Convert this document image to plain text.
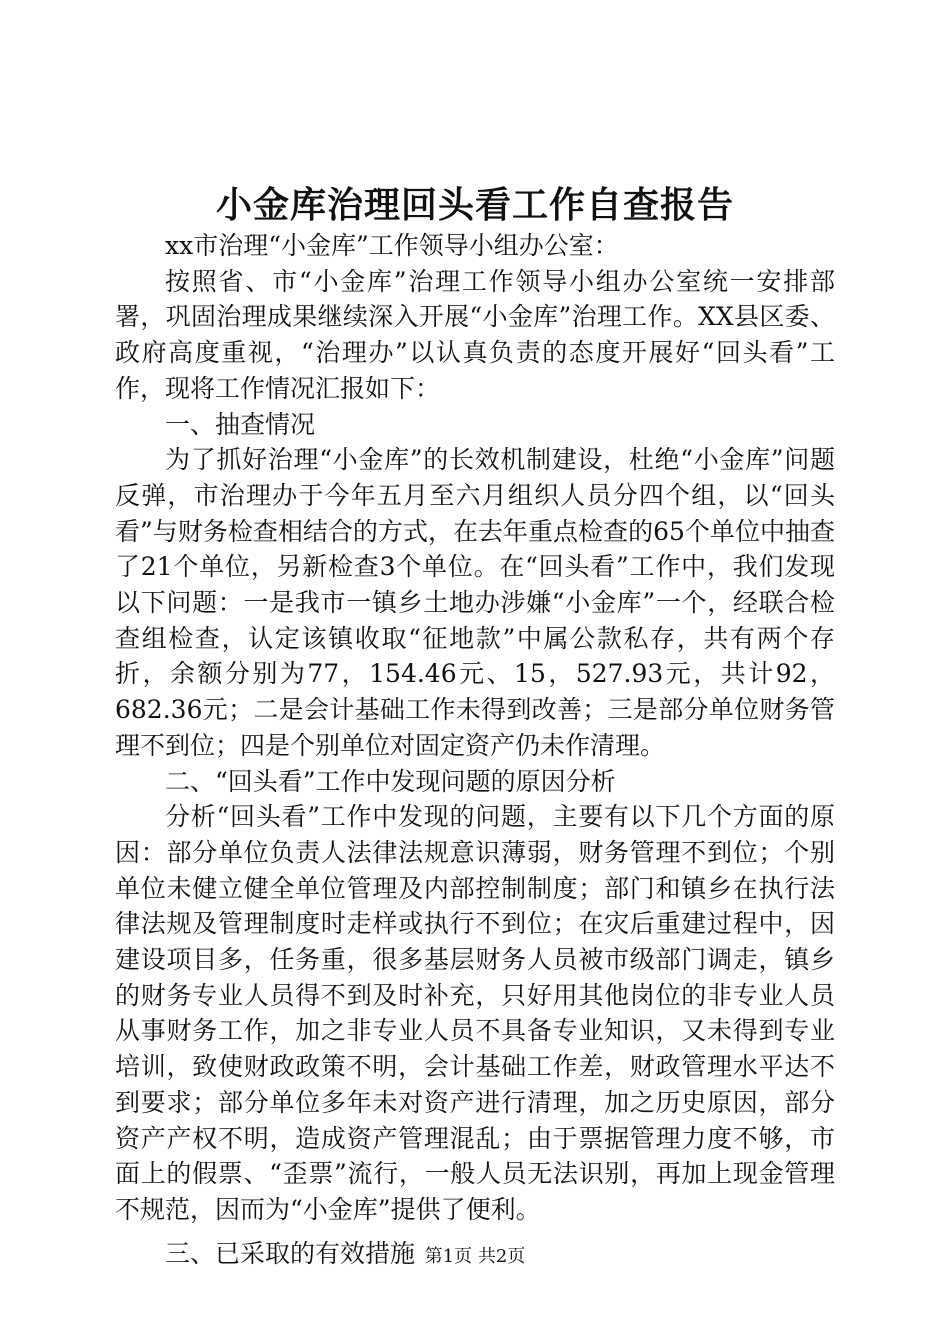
小金库治理回头看工作自查报告

xx市治理“小金库”工作领导小组办公室：

按照省、市“小金库”治理工作领导小组办公室统一安排部署，巩固治理成果继续深入开展“小金库”治理工作。XX县区委、政府高度重视，“治理办”以认真负责的态度开展好“回头看”工作，现将工作情况汇报如下：

一、抽查情况

为了抓好治理“小金库”的长效机制建设，杜绝“小金库”问题反弹，市治理办于今年五月至六月组织人员分四个组，以“回头看”与财务检查相结合的方式，在去年重点检查的65个单位中抽查了21个单位，另新检查3个单位。在“回头看”工作中，我们发现以下问题：一是我市一镇乡土地办涉嫌“小金库”一个，经联合检查组检查，认定该镇收取“征地款”中属公款私存，共有两个存折，余额分别为77，154.46元、15，527.93元，共计92，682.36元；二是会计基础工作未得到改善；三是部分单位财务管理不到位；四是个别单位对固定资产仍未作清理。

二、“回头看”工作中发现问题的原因分析

分析“回头看”工作中发现的问题，主要有以下几个方面的原因：部分单位负责人法律法规意识薄弱，财务管理不到位；个别单位未健立健全单位管理及内部控制制度；部门和镇乡在执行法律法规及管理制度时走样或执行不到位；在灾后重建过程中，因建设项目多，任务重，很多基层财务人员被市级部门调走，镇乡的财务专业人员得不到及时补充，只好用其他岗位的非专业人员从事财务工作，加之非专业人员不具备专业知识，又未得到专业培训，致使财政政策不明，会计基础工作差，财政管理水平达不到要求；部分单位多年未对资产进行清理，加之历史原因，部分资产产权不明，造成资产管理混乱；由于票据管理力度不够，市面上的假票、“歪票”流行，一般人员无法识别，再加上现金管理不规范，因而为“小金库”提供了便利。

三、已采取的有效措施 第1页 共2页
